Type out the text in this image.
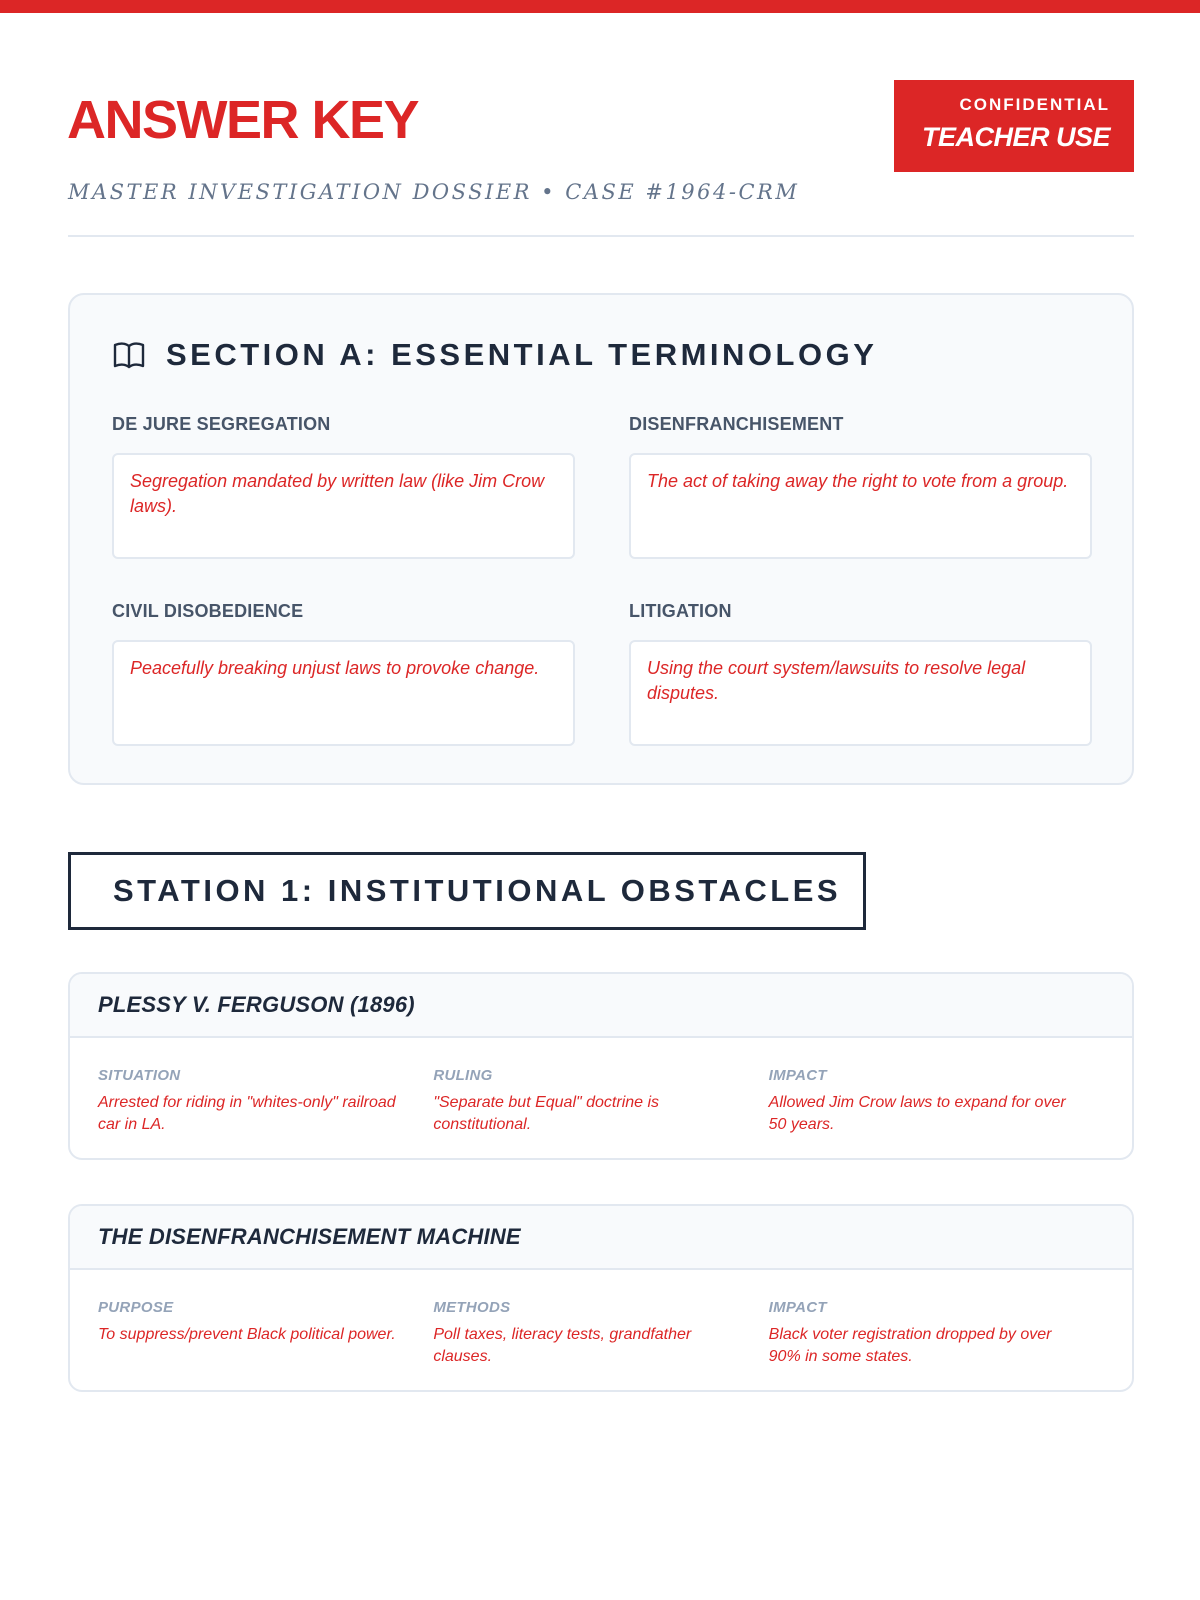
ANSWER KEY	CONFIDENTIAL
TEACHER USE
MASTER INVESTIGATION DOSSIER • CASE #1964-CRM
SECTION A: ESSENTIAL TERMINOLOGY
DE JURE SEGREGATION
Segregation mandated by written law (like Jim Crow laws).
DISENFRANCHISEMENT
The act of taking away the right to vote from a group.
CIVIL DISOBEDIENCE
Peacefully breaking unjust laws to provoke change.
LITIGATION
Using the court system/lawsuits to resolve legal disputes.
STATION 1: INSTITUTIONAL OBSTACLES
PLESSY V. FERGUSON (1896)
SITUATION
Arrested for riding in "whites-only" railroad car in LA.
RULING
"Separate but Equal" doctrine is constitutional.
IMPACT
Allowed Jim Crow laws to expand for over 50 years.
THE DISENFRANCHISEMENT MACHINE
PURPOSE
To suppress/prevent Black political power.
METHODS
Poll taxes, literacy tests, grandfather clauses.
IMPACT
Black voter registration dropped by over 90% in some states.
